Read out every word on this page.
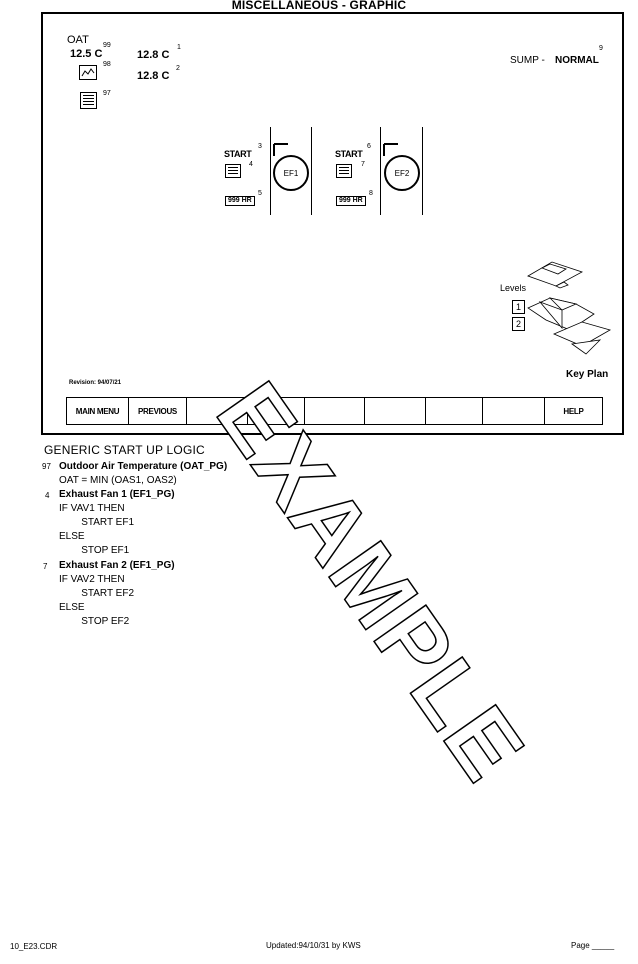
MISCELLANEOUS - GRAPHIC
OAT
12.5 C
99
12.8 C
1
12.8 C
2
98
97
SUMP - NORMAL
9
START
3
4
999 HR
5
EF1
START
6
7
999 HR
8
EF2
Levels
1
2
Key Plan
Revision: 94/07/21
MAIN MENU	PREVIOUS	HELP
GENERIC START UP LOGIC
97 Outdoor Air Temperature (OAT_PG)
OAT = MIN (OAS1, OAS2)
4 Exhaust Fan 1 (EF1_PG)
IF VAV1 THEN
START EF1
ELSE
STOP EF1
7 Exhaust Fan 2 (EF1_PG)
IF VAV2 THEN
START EF2
ELSE
STOP EF2 EXAMPLE
10_E23.CDR	Updated:94/10/31 by KWS	Page _____
